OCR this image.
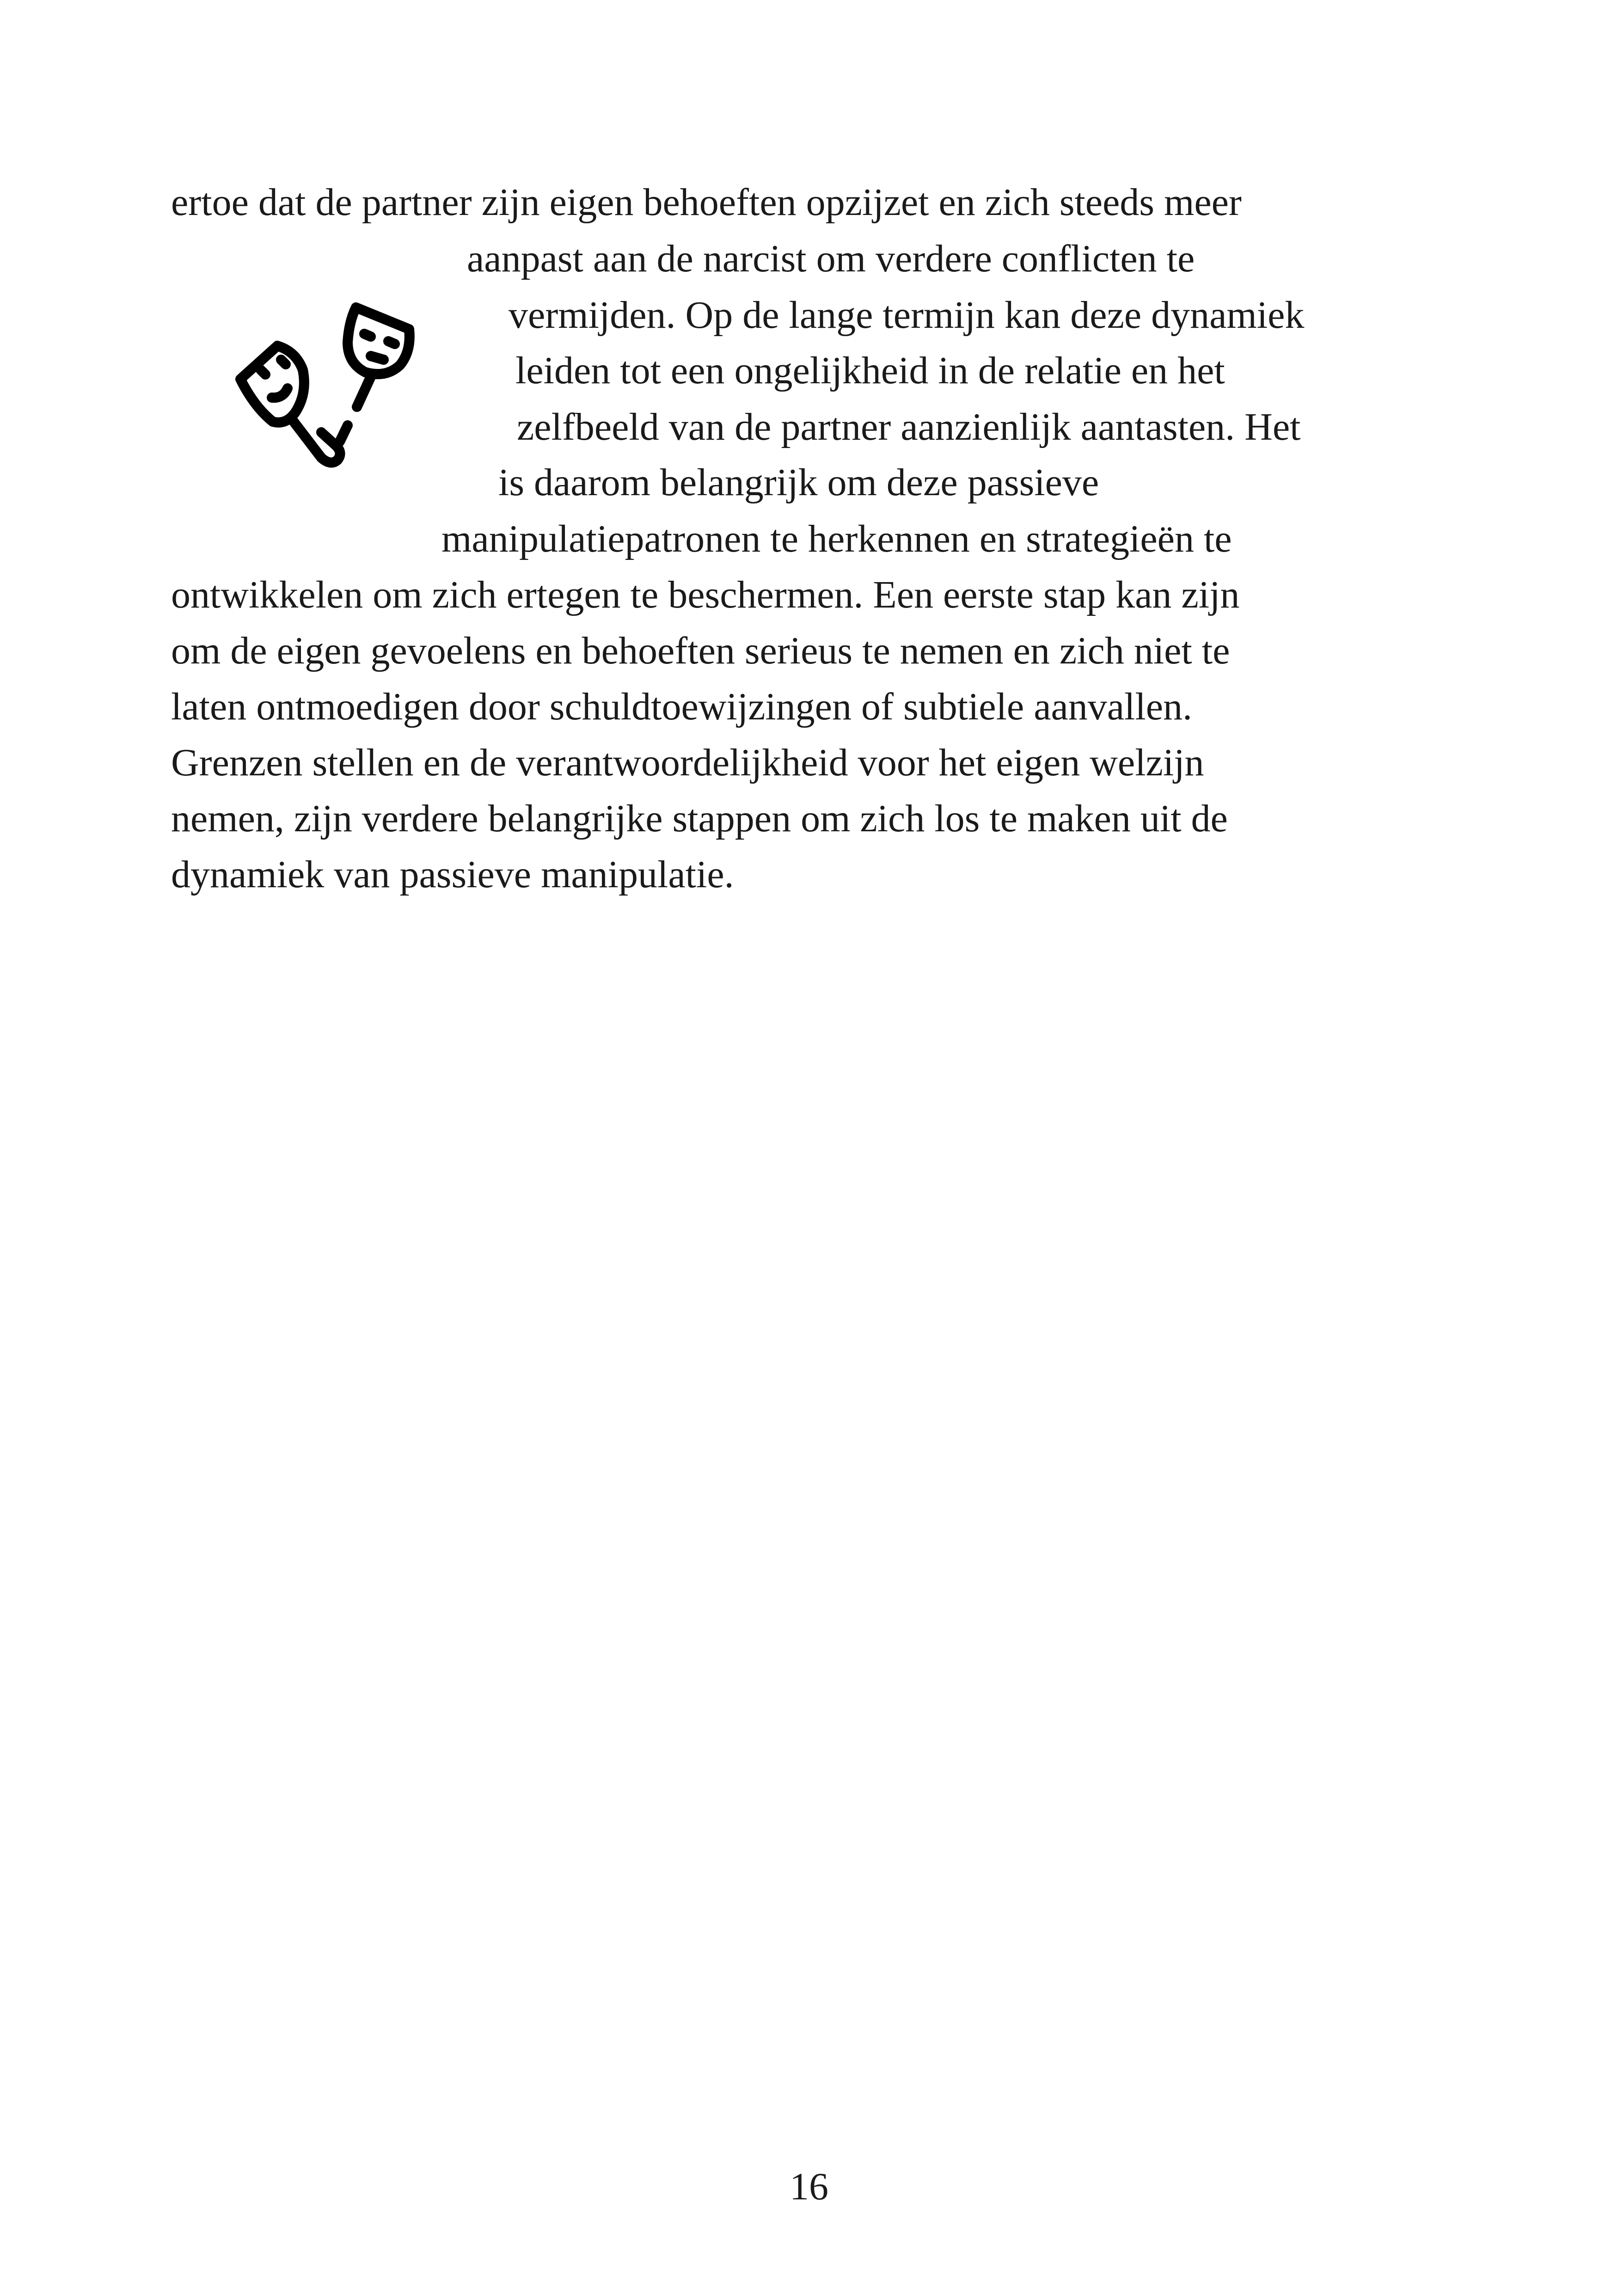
ertoe dat de partner zijn eigen behoeften opzijzet en zich steeds meer

aanpast aan de narcist om verdere conflicten te

vermijden. Op de lange termijn kan deze dynamiek

leiden tot een ongelijkheid in de relatie en het

zelfbeeld van de partner aanzienlijk aantasten. Het

is daarom belangrijk om deze passieve

manipulatiepatronen te herkennen en strategieën te

ontwikkelen om zich ertegen te beschermen. Een eerste stap kan zijn

om de eigen gevoelens en behoeften serieus te nemen en zich niet te

laten ontmoedigen door schuldtoewijzingen of subtiele aanvallen.

Grenzen stellen en de verantwoordelijkheid voor het eigen welzijn

nemen, zijn verdere belangrijke stappen om zich los te maken uit de

dynamiek van passieve manipulatie.

16
